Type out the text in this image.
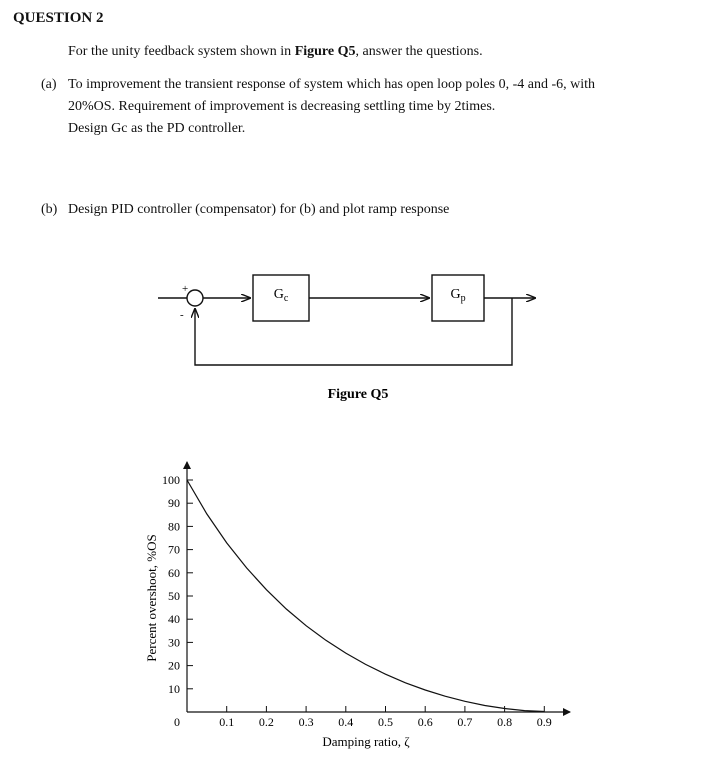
QUESTION 2
For the unity feedback system shown in Figure Q5, answer the questions.
(a) To improvement the transient response of system which has open loop poles 0, -4 and -6, with
20%OS. Requirement of improvement is decreasing settling time by 2times.
Design Gc as the PD controller.
(b) Design PID controller (compensator) for (b) and plot ramp response
+
-
$G_c$	$G_p$
Figure Q5
10
20
30
40
50
60
70
80
90
100
0.1 0.2 0.3 0.4 0.5 0.6 0.7 0.8 0.9
0
Damping ratio, ζ
Percent overshoot, %OS
